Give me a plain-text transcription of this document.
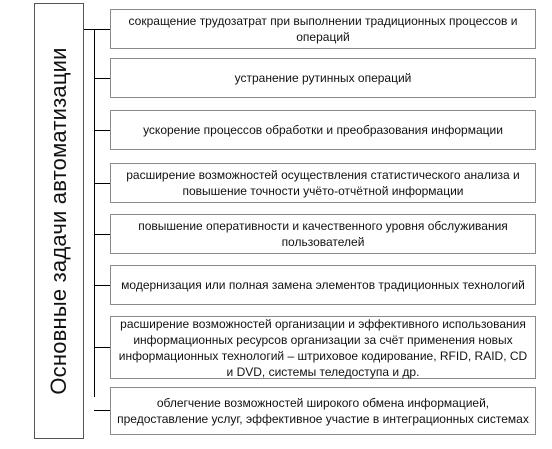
Основные задачи автоматизации
сокращение трудозатрат при выполнении традиционных процессов и операций
устранение рутинных операций
ускорение процессов обработки и преобразования информации
расширение возможностей осуществления статистического анализа и повышение точности учёто-отчётной информации
повышение оперативности и качественного уровня обслуживания пользователей
модернизация или полная замена элементов традиционных технологий
расширение возможностей организации и эффективного использования информационных ресурсов организации за счёт применения новых информационных технологий – штриховое кодирование, RFID, RAID, CD и DVD, системы теледоступа и др.
облегчение возможностей широкого обмена информацией, предоставление услуг, эффективное участие в интеграционных системах
